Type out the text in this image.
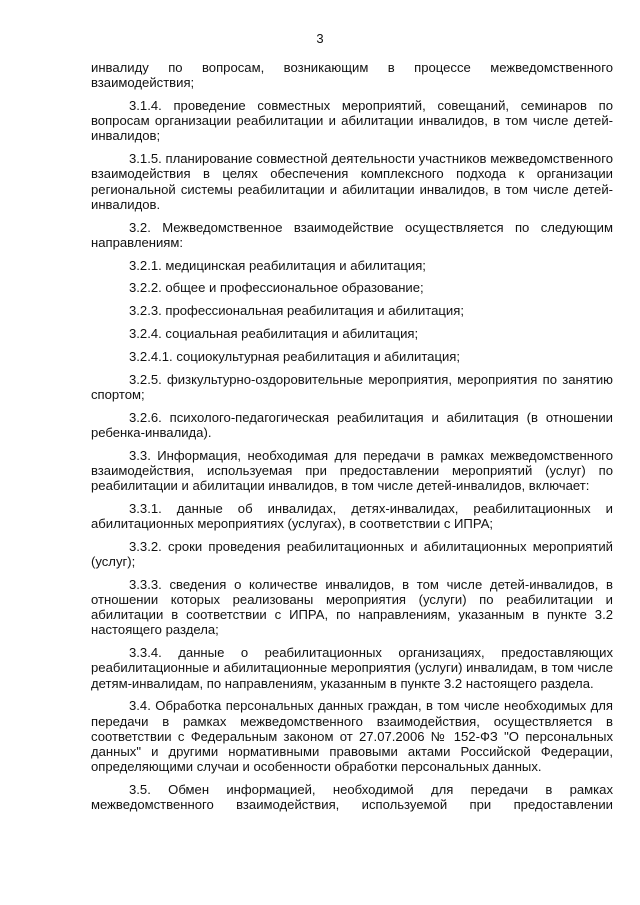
3

инвалиду по вопросам, возникающим в процессе межведомственного взаимодействия;

3.1.4. проведение совместных мероприятий, совещаний, семинаров по вопросам организации реабилитации и абилитации инвалидов, в том числе детей-инвалидов;

3.1.5. планирование совместной деятельности участников межведомственного взаимодействия в целях обеспечения комплексного подхода к организации региональной системы реабилитации и абилитации инвалидов, в том числе детей-инвалидов.

3.2. Межведомственное взаимодействие осуществляется по следующим направлениям:

3.2.1. медицинская реабилитация и абилитация;

3.2.2. общее и профессиональное образование;

3.2.3. профессиональная реабилитация и абилитация;

3.2.4. социальная реабилитация и абилитация;

3.2.4.1. социокультурная реабилитация и абилитация;

3.2.5. физкультурно-оздоровительные мероприятия, мероприятия по занятию спортом;

3.2.6. психолого-педагогическая реабилитация и абилитация (в отношении ребенка-инвалида).

3.3. Информация, необходимая для передачи в рамках межведомственного взаимодействия, используемая при предоставлении мероприятий (услуг) по реабилитации и абилитации инвалидов, в том числе детей-инвалидов, включает:

3.3.1. данные об инвалидах, детях-инвалидах, реабилитационных и абилитационных мероприятиях (услугах), в соответствии с ИПРА;

3.3.2. сроки проведения реабилитационных и абилитационных мероприятий (услуг);

3.3.3. сведения о количестве инвалидов, в том числе детей-инвалидов, в отношении которых реализованы мероприятия (услуги) по реабилитации и абилитации в соответствии с ИПРА, по направлениям, указанным в пункте 3.2 настоящего раздела;

3.3.4. данные о реабилитационных организациях, предоставляющих реабилитационные и абилитационные мероприятия (услуги) инвалидам, в том числе детям-инвалидам, по направлениям, указанным в пункте 3.2 настоящего раздела.

3.4. Обработка персональных данных граждан, в том числе необходимых для передачи в рамках межведомственного взаимодействия, осуществляется в соответствии с Федеральным законом от 27.07.2006 № 152-ФЗ "О персональных данных" и другими нормативными правовыми актами Российской Федерации, определяющими случаи и особенности обработки персональных данных.

3.5. Обмен информацией, необходимой для передачи в рамках межведомственного взаимодействия, используемой при предоставлении
